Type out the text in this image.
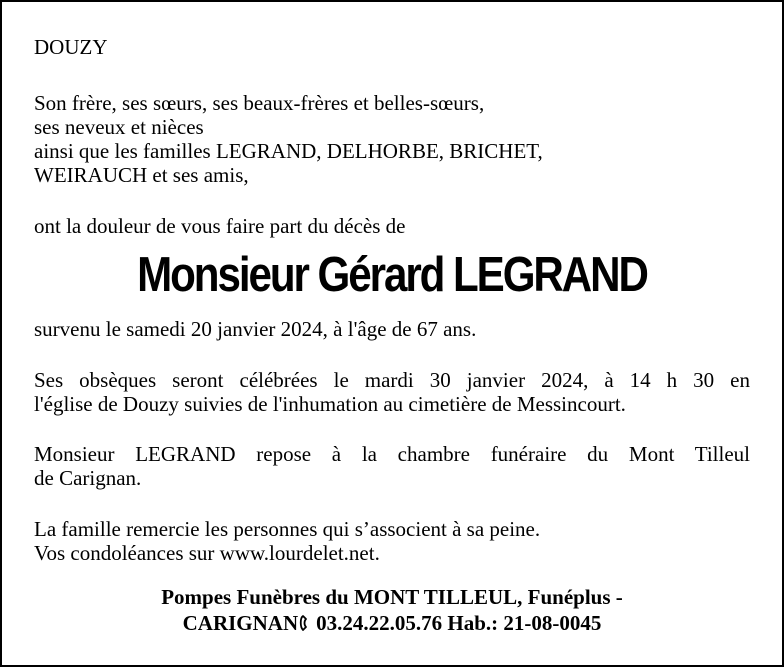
DOUZY
Son frère, ses sœurs, ses beaux-frères et belles-sœurs,
ses neveux et nièces
ainsi que les familles LEGRAND, DELHORBE, BRICHET,
WEIRAUCH et ses amis,
ont la douleur de vous faire part du décès de
Monsieur Gérard LEGRAND
survenu le samedi 20 janvier 2024, à l'âge de 67 ans.
Ses obsèques seront célébrées le mardi 30 janvier 2024, à 14 h 30 en
l'église de Douzy suivies de l'inhumation au cimetière de Messincourt.
Monsieur LEGRAND repose à la chambre funéraire du Mont Tilleul
de Carignan.
La famille remercie les personnes qui s’associent à sa peine.
Vos condoléances sur www.lourdelet.net.
Pompes Funèbres du MONT TILLEUL, Funéplus -
CARIGNAN 03.24.22.05.76 Hab.: 21-08-0045
